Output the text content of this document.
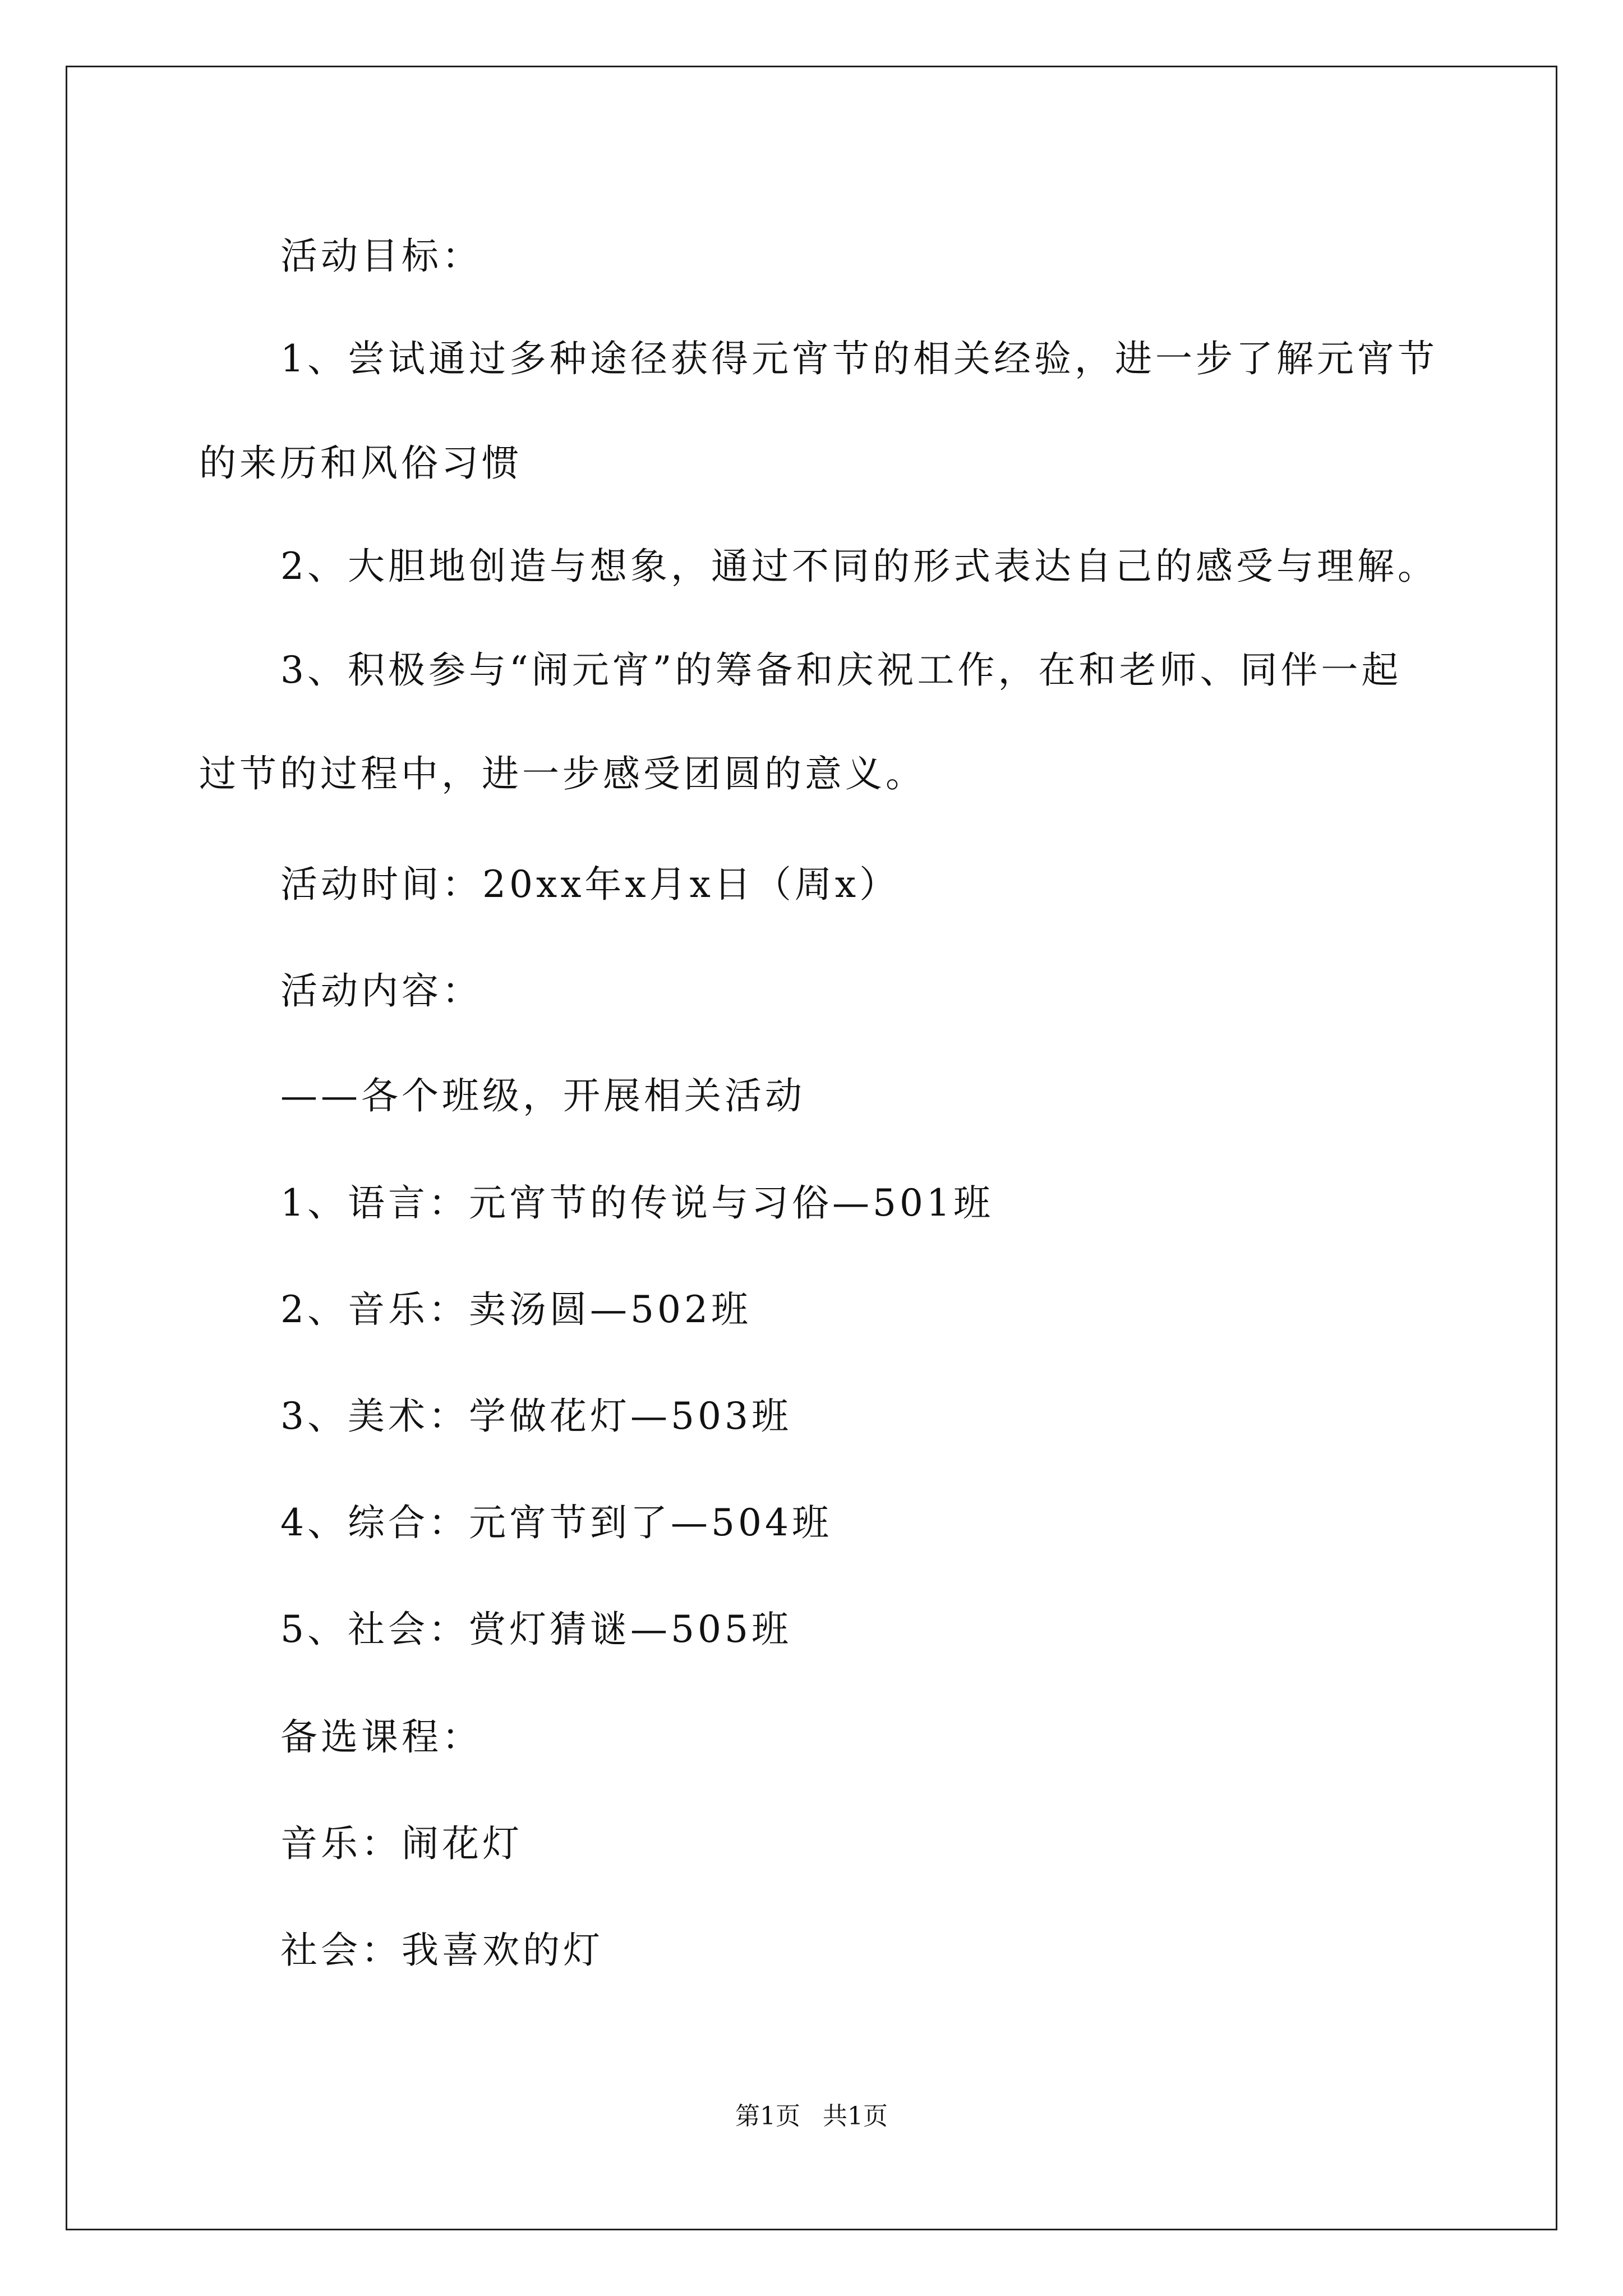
活动目标：
1、尝试通过多种途径获得元宵节的相关经验，进一步了解元宵节
的来历和风俗习惯
2、大胆地创造与想象，通过不同的形式表达自己的感受与理解。
3、积极参与“闹元宵”的筹备和庆祝工作，在和老师、同伴一起
过节的过程中，进一步感受团圆的意义。
活动时间：20xx年x月x日（周x）
活动内容：
——各个班级，开展相关活动
1、语言：元宵节的传说与习俗—501班
2、音乐：卖汤圆—502班
3、美术：学做花灯—503班
4、综合：元宵节到了—504班
5、社会：赏灯猜谜—505班
备选课程：
音乐：闹花灯
社会：我喜欢的灯
第1页 共1页
